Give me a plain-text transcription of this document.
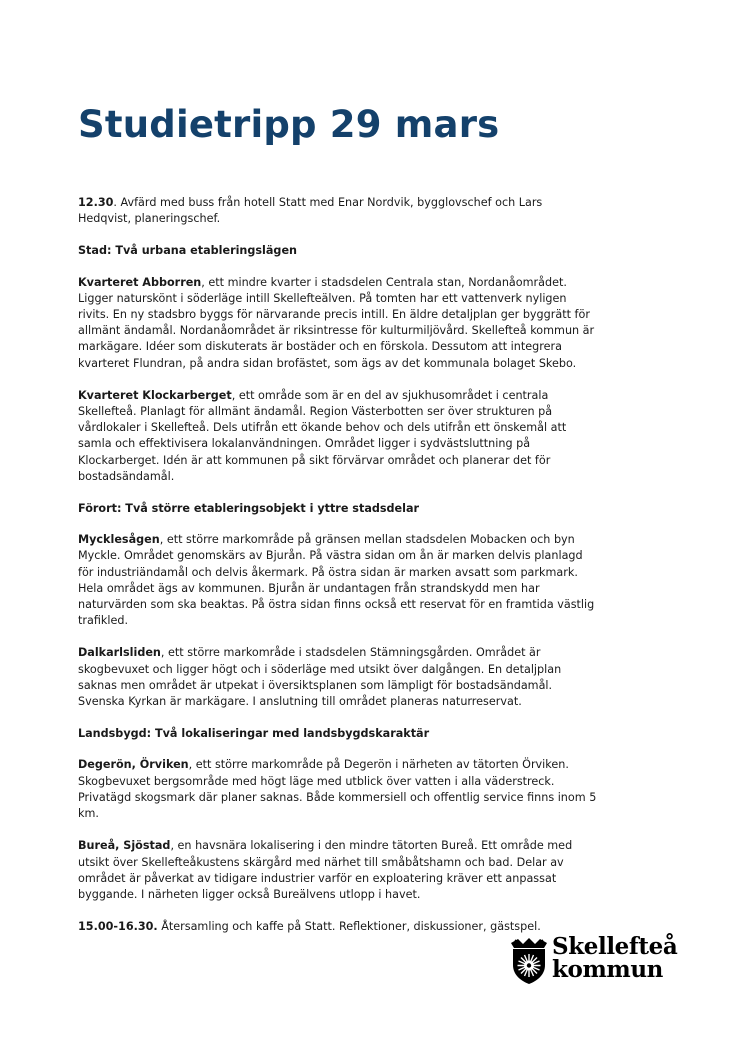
Studietripp 29 mars

12.30. Avfärd med buss från hotell Statt med Enar Nordvik, bygglovschef och Lars Hedqvist, planeringschef.

Stad: Två urbana etableringslägen

Kvarteret Abborren, ett mindre kvarter i stadsdelen Centrala stan, Nordanåområdet. Ligger naturskönt i söderläge intill Skellefteälven. På tomten har ett vattenverk nyligen rivits. En ny stadsbro byggs för närvarande precis intill. En äldre detaljplan ger byggrätt för allmänt ändamål. Nordanåområdet är riksintresse för kulturmiljövård. Skellefteå kommun är markägare. Idéer som diskuterats är bostäder och en förskola. Dessutom att integrera kvarteret Flundran, på andra sidan brofästet, som ägs av det kommunala bolaget Skebo.

Kvarteret Klockarberget, ett område som är en del av sjukhusområdet i centrala Skellefteå. Planlagt för allmänt ändamål. Region Västerbotten ser över strukturen på vårdlokaler i Skellefteå. Dels utifrån ett ökande behov och dels utifrån ett önskemål att samla och effektivisera lokalanvändningen. Området ligger i sydvästsluttning på Klockarberget. Idén är att kommunen på sikt förvärvar området och planerar det för bostadsändamål.

Förort: Två större etableringsobjekt i yttre stadsdelar

Mycklesågen, ett större markområde på gränsen mellan stadsdelen Mobacken och byn Myckle. Området genomskärs av Bjurån. På västra sidan om ån är marken delvis planlagd för industriändamål och delvis åkermark. På östra sidan är marken avsatt som parkmark. Hela området ägs av kommunen. Bjurån är undantagen från strandskydd men har naturvärden som ska beaktas. På östra sidan finns också ett reservat för en framtida västlig trafikled.

Dalkarlsliden, ett större markområde i stadsdelen Stämningsgården. Området är skogbevuxet och ligger högt och i söderläge med utsikt över dalgången. En detaljplan saknas men området är utpekat i översiktsplanen som lämpligt för bostadsändamål. Svenska Kyrkan är markägare. I anslutning till området planeras naturreservat.

Landsbygd: Två lokaliseringar med landsbygdskaraktär

Degerön, Örviken, ett större markområde på Degerön i närheten av tätorten Örviken. Skogbevuxet bergsområde med högt läge med utblick över vatten i alla väderstreck. Privatägd skogsmark där planer saknas. Både kommersiell och offentlig service finns inom 5 km.

Bureå, Sjöstad, en havsnära lokalisering i den mindre tätorten Bureå. Ett område med utsikt över Skellefteåkustens skärgård med närhet till småbåtshamn och bad. Delar av området är påverkat av tidigare industrier varför en exploatering kräver ett anpassat byggande. I närheten ligger också Bureälvens utlopp i havet.

15.00-16.30. Återsamling och kaffe på Statt. Reflektioner, diskussioner, gästspel.

Skellefteå
kommun
